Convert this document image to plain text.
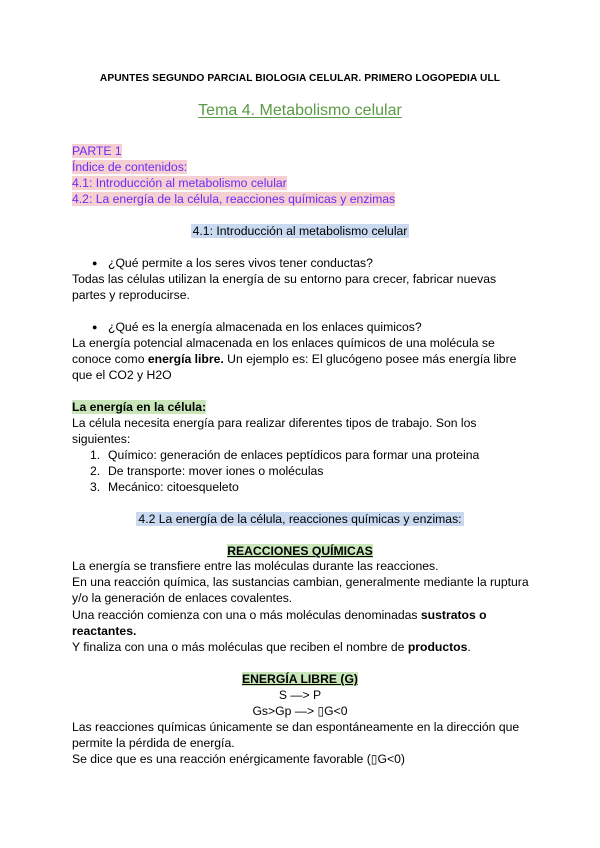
APUNTES SEGUNDO PARCIAL BIOLOGIA CELULAR. PRIMERO LOGOPEDIA ULL
Tema 4. Metabolismo celular
PARTE 1
Índice de contenidos:
4.1: Introducción al metabolismo celular
4.2: La energía de la célula, reacciones químicas y enzimas
4.1: Introducción al metabolismo celular
● ¿Qué permite a los seres vivos tener conductas?
Todas las células utilizan la energía de su entorno para crecer, fabricar nuevas
partes y reproducirse.
● ¿Qué es la energía almacenada en los enlaces quimicos?
La energía potencial almacenada en los enlaces químicos de una molécula se
conoce como energía libre. Un ejemplo es: El glucógeno posee más energía libre
que el CO2 y H2O
La energía en la célula:
La célula necesita energía para realizar diferentes tipos de trabajo. Son los
siguientes:
1. Químico: generación de enlaces peptídicos para formar una proteina
2. De transporte: mover iones o moléculas
3. Mecánico: citoesqueleto
4.2 La energía de la célula, reacciones químicas y enzimas:
REACCIONES QUÍMICAS
La energía se transfiere entre las moléculas durante las reacciones.
En una reacción química, las sustancias cambian, generalmente mediante la ruptura
y/o la generación de enlaces covalentes.
Una reacción comienza con una o más moléculas denominadas sustratos o
reactantes.
Y finaliza con una o más moléculas que reciben el nombre de productos.
ENERGÍA LIBRE (G)
S —> P
Gs>Gp —> ▯G<0
Las reacciones químicas únicamente se dan espontáneamente en la dirección que
permite la pérdida de energía.
Se dice que es una reacción enérgicamente favorable (▯G<0)
